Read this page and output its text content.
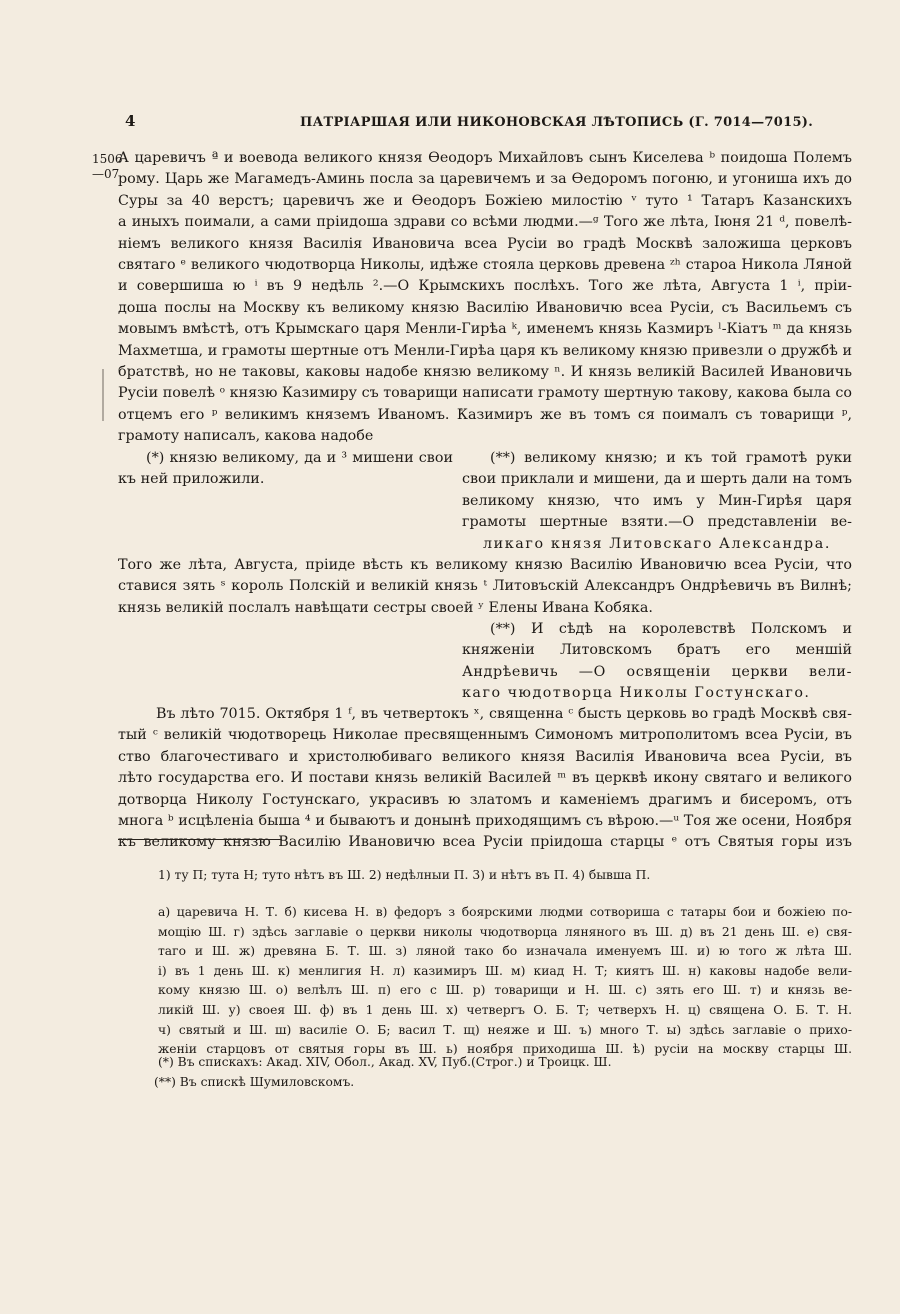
4	ПАТРІАРШАЯ ИЛИ НИКОНОВСКАЯ ЛѢТОПИСЬ (Г. 7014—7015).
1506
—07
А царевичъ ª и воевода великого князя Ѳеодоръ Михайловъ сынъ Киселева ᵇ поидоша Полемъ
рому. Царь же Магамедъ-Аминь посла за царевичемъ и за Ѳедоромъ погоню, и угониша ихъ до
Суры за 40 верстъ; царевичъ же и Ѳеодоръ Божіею милостію ᵛ туто ¹ Татаръ Казанскихъ
а иныхъ поимали, а сами пріидоша здрави со всѣми людми.—ᵍ Того же лѣта, Іюня 21 ᵈ, повелѣ-
ніемъ великого князя Василія Ивановича всеа Русіи во градѣ Москвѣ заложиша церковъ
святаго ᵉ великого чюдотворца Николы, идѣже стояла церковь древена ᶻʰ староа Никола Ляной
и совершиша ю ⁱ въ 9 недѣль ².—О Крымскихъ послѣхъ. Того же лѣта, Августа 1 ⁱ, пріи-
доша послы на Москву къ великому князю Василію Ивановичю всеа Русіи, съ Васильемъ съ
мовымъ вмѣстѣ, отъ Крымскаго царя Менли-Гирѣа ᵏ, именемъ князь Казмиръ ˡ-Кіатъ ᵐ да князь
Махметша, и грамоты шертные отъ Менли-Гирѣа царя къ великому князю привезли о дружбѣ и
братствѣ, но не таковы, каковы надобе князю великому ⁿ. И князь великій Василей Ивановичь
Русіи повелѣ ᵒ князю Казимиру съ товарищи написати грамоту шертную такову, какова была со
отцемъ его ᵖ великимъ княземъ Иваномъ. Казимиръ же въ томъ ся поималъ съ товарищи ᵖ,
грамоту написалъ, какова надобе
(*) князю великому, да и ³ мишени свои
къ ней приложили.
(**) великому князю; и къ той грамотѣ руки
свои приклали и мишени, да и шерть дали на томъ
великому князю, что имъ у Мин-Гирѣя царя
грамоты шертные взяти.—О представленіи ве-
ликаго князя Литовскаго Александра.
Того же лѣта, Августа, пріиде вѣсть къ великому князю Василію Ивановичю всеа Русіи, что
ставися зять ˢ король Полскій и великій князь ᵗ Литовъскій Александръ Ондрѣевичь въ Вилнѣ;
князь великій послалъ навѣщати сестры своей ʸ Елены Ивана Кобяка.
(**) И сѣдѣ на королевствѣ Полскомъ и
княженіи Литовскомъ братъ его меншій
Андрѣевичь —О освященіи церкви вели-
каго чюдотворца Николы Гостунскаго.
Въ лѣто 7015. Октября 1 ᶠ, въ четвертокъ ˣ, священна ᶜ бысть церковь во градѣ Москвѣ свя-
тый ᶜ великій чюдотворець Николае пресвященнымъ Симономъ митрополитомъ всеа Русіи, въ
ство благочестиваго и христолюбиваго великого князя Василія Ивановича всеа Русіи, въ
лѣто государства его. И постави князь великій Василей ᵐ въ церквѣ икону святаго и великого
дотворца Николу Гостунскаго, украсивъ ю златомъ и каменіемъ драгимъ и бисеромъ, отъ
многа ᵇ исцѣленіа быша ⁴ и бываютъ и донынѣ приходящимъ съ вѣрою.—ᵘ Тоя же осени, Ноября
къ великому князю Василію Ивановичю всеа Русіи пріидоша старцы ᵉ отъ Святыя горы изъ
1) ту П; тута Н; туто нѣтъ въ Ш. 2) недѣлныи П. 3) и нѣтъ въ П. 4) бывша П.
а) царевича Н. Т. б) кисева Н. в) федоръ з боярскими людми сотвориша с татары бои и божіею по-
мощію Ш. г) здѣсь заглавіе о церкви николы чюдотворца ляняного въ Ш. д) въ 21 день Ш. е) свя-
таго и Ш. ж) древяна Б. Т. Ш. з) ляной тако бо изначала именуемъ Ш. и) ю того ж лѣта Ш.
і) въ 1 день Ш. к) менлигия Н. л) казимиръ Ш. м) киад Н. Т; киятъ Ш. н) каковы надобе вели-
кому князю Ш. о) велѣлъ Ш. п) его с Ш. р) товарищи и Н. Ш. с) зять его Ш. т) и князь ве-
ликій Ш. у) своея Ш. ф) въ 1 день Ш. х) четвергъ О. Б. Т; четверхъ Н. ц) священа О. Б. Т. Н.
ч) святый и Ш. ш) василіе О. Б; васил Т. щ) неяже и Ш. ъ) много Т. ы) здѣсь заглавіе о прихо-
женіи старцовъ от святыя горы въ Ш. ь) ноября приходиша Ш. ѣ) русіи на москву старцы Ш.
(*) Въ спискахъ: Акад. XIV, Обол., Акад. XV, Пуб.(Строг.) и Троицк. Ш.
(**) Въ спискѣ Шумиловскомъ.
